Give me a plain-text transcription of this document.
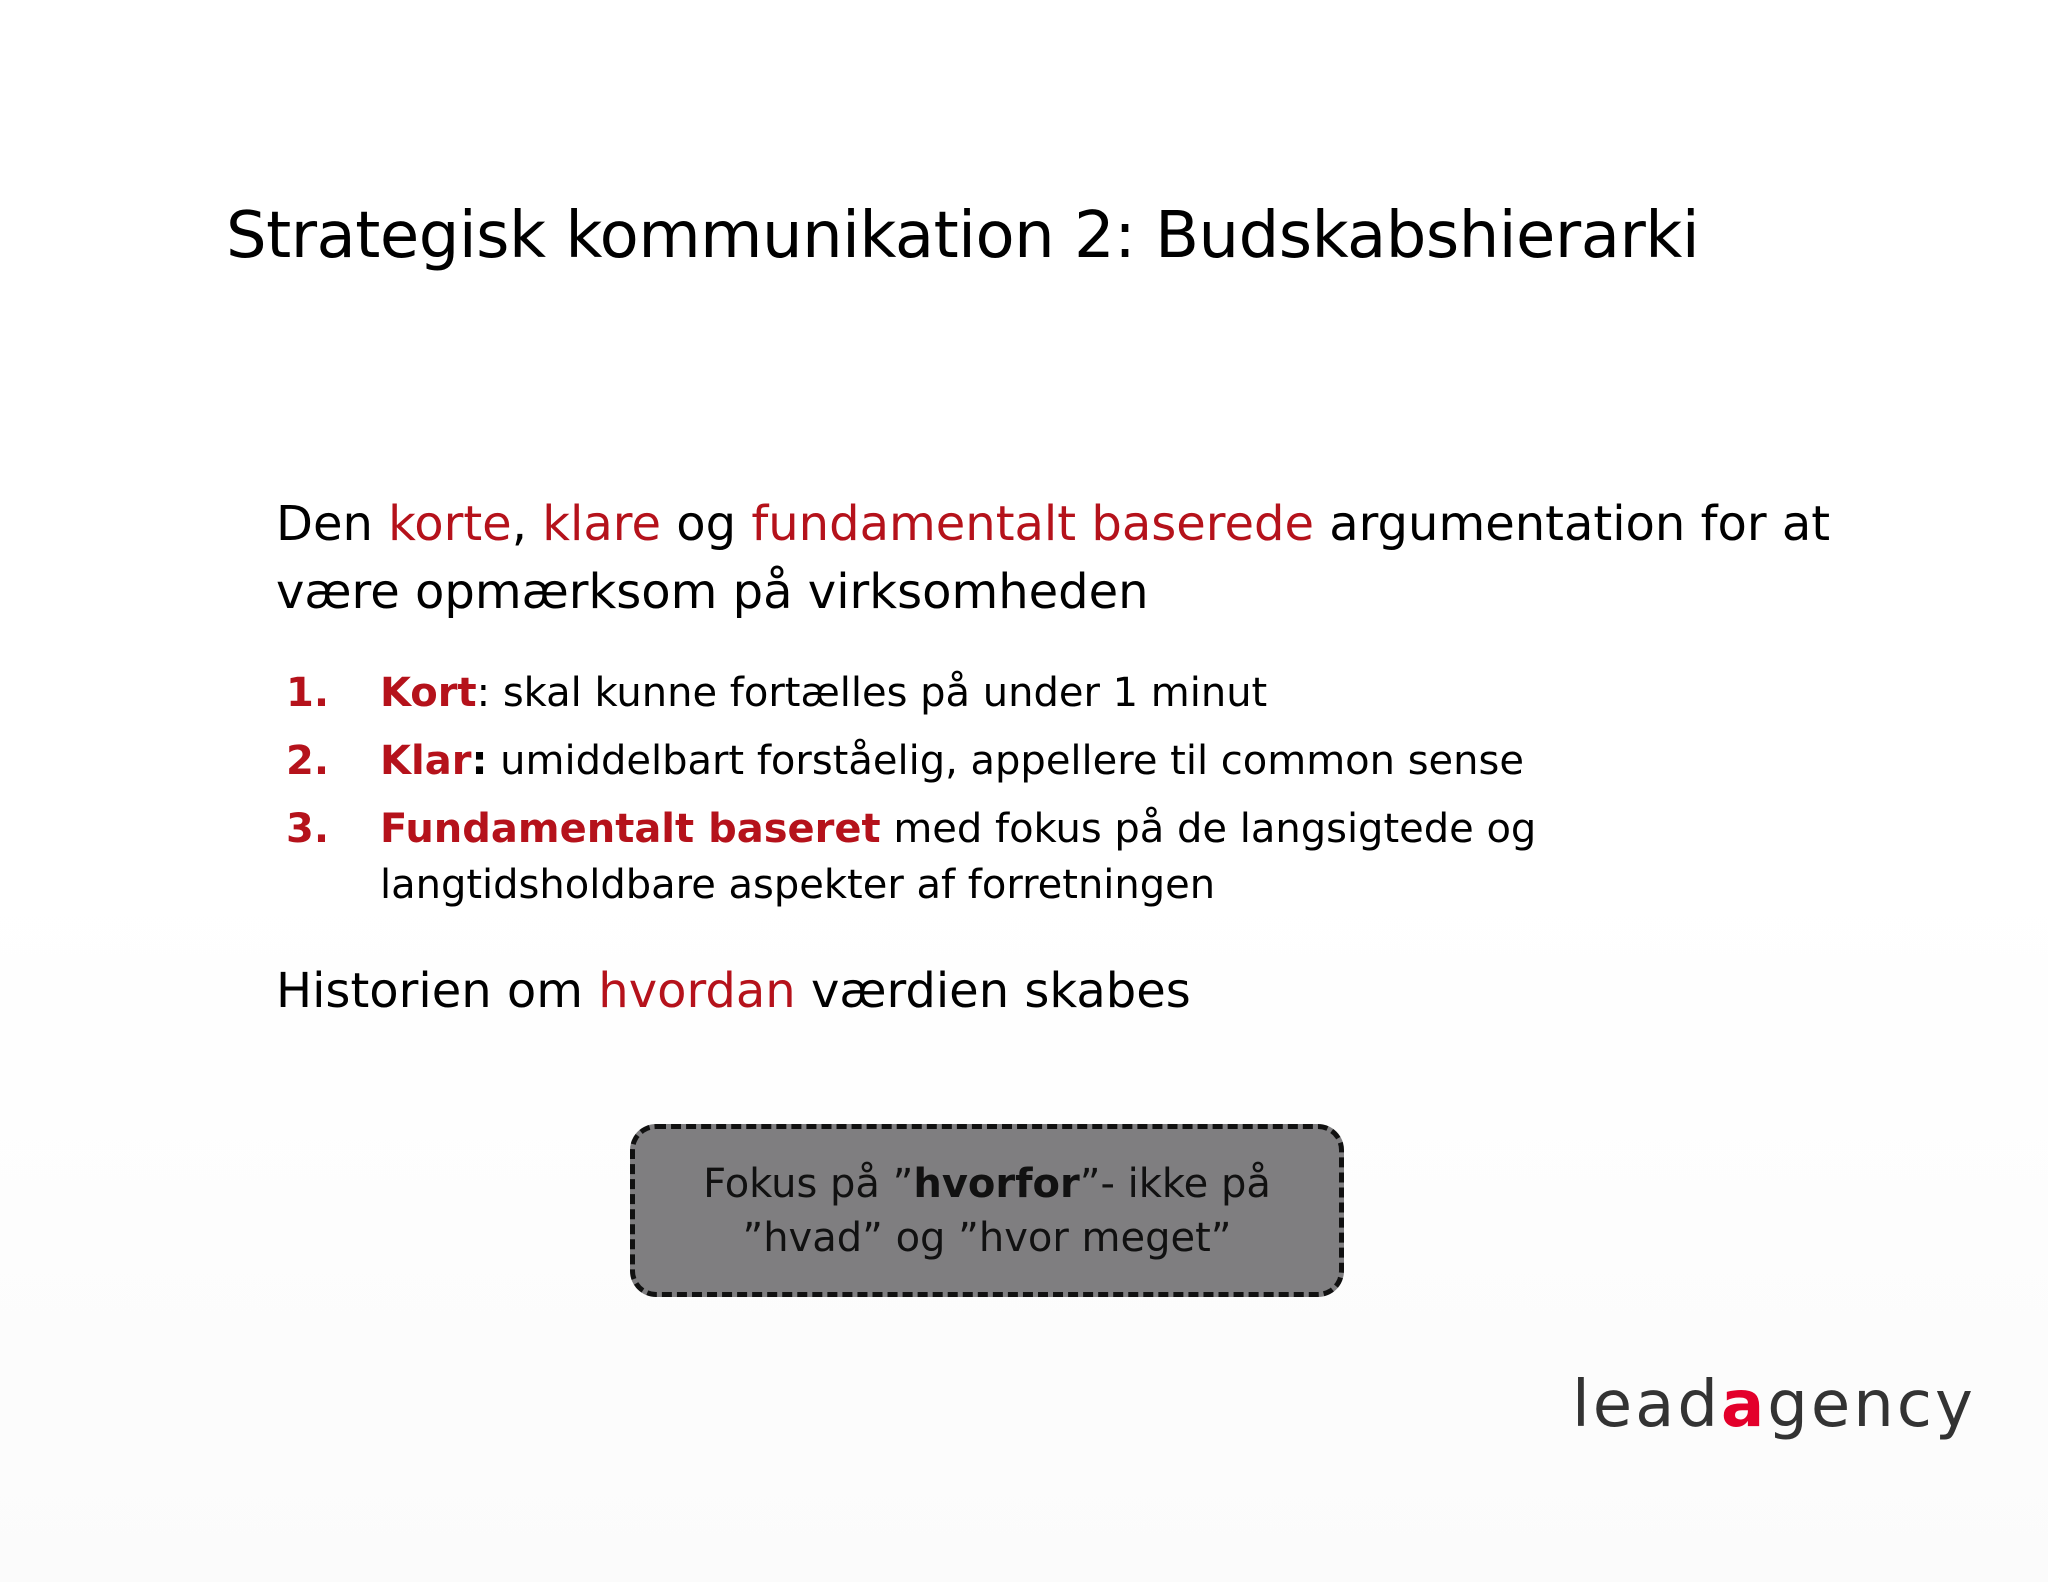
Strategisk kommunikation 2: Budskabshierarki
Den korte, klare og fundamentalt baserede argumentation for at være opmærksom på virksomheden
1. Kort: skal kunne fortælles på under 1 minut
2. Klar: umiddelbart forståelig, appellere til common sense
3. Fundamentalt baseret med fokus på de langsigtede og langtidsholdbare aspekter af forretningen
Historien om hvordan værdien skabes
Fokus på ”hvorfor”- ikke på ”hvad” og ”hvor meget”
leadagency
